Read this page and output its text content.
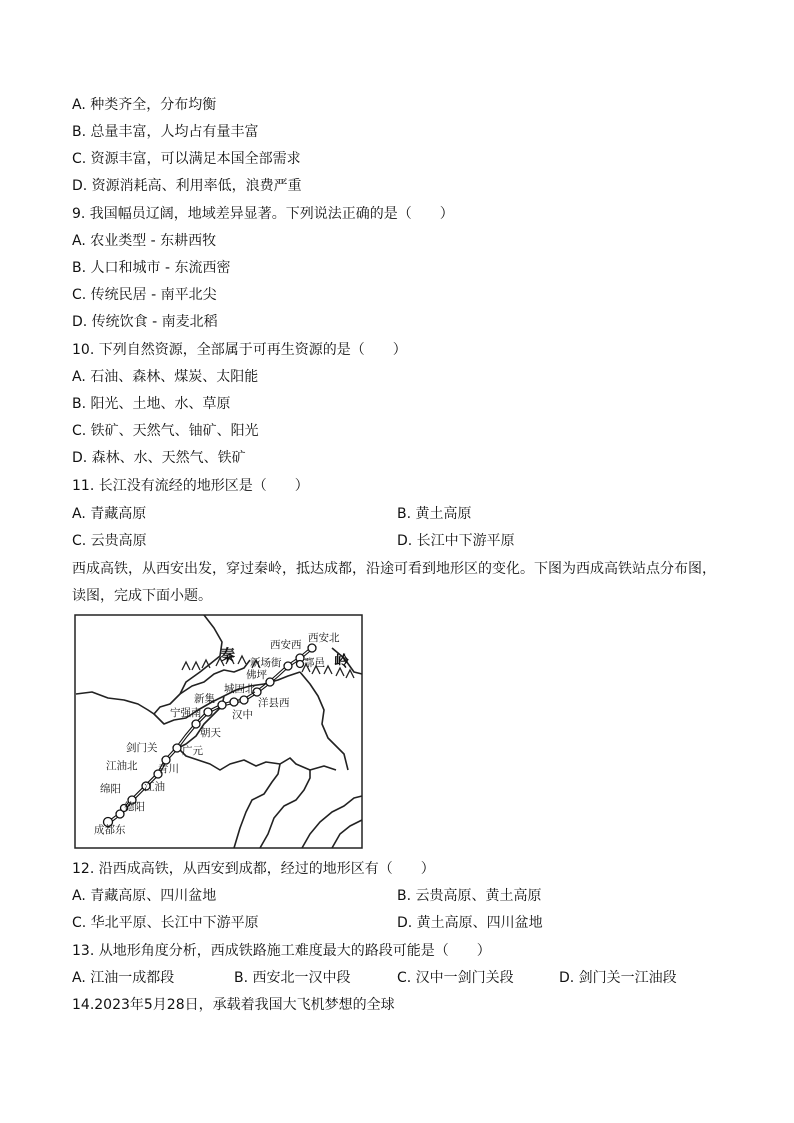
A. 种类齐全，分布均衡
B. 总量丰富，人均占有量丰富
C. 资源丰富，可以满足本国全部需求
D. 资源消耗高、利用率低，浪费严重
9. 我国幅员辽阔，地域差异显著。下列说法正确的是（　　）
A. 农业类型 - 东耕西牧
B. 人口和城市 - 东流西密
C. 传统民居 - 南平北尖
D. 传统饮食 - 南麦北稻
10. 下列自然资源，全部属于可再生资源的是（　　）
A. 石油、森林、煤炭、太阳能
B. 阳光、土地、水、草原
C. 铁矿、天然气、铀矿、阳光
D. 森林、水、天然气、铁矿
11. 长江没有流经的地形区是（　　）
A. 青藏高原	B. 黄土高原
C. 云贵高原	D. 长江中下游平原
西成高铁，从西安出发，穿过秦岭，抵达成都，沿途可看到地形区的变化。下图为西成高铁站点分布图，
读图，完成下面小题。
秦	岭
西安西
西安北
新场街 鄠邑
佛坪
城固北
洋县西
新集
汉中
宁强南
朝天
剑门关 广元
江油北 青川
江油
绵阳
德阳
成都东
12. 沿西成高铁，从西安到成都，经过的地形区有（　　）
A. 青藏高原、四川盆地	B. 云贵高原、黄土高原
C. 华北平原、长江中下游平原	D. 黄土高原、四川盆地
13. 从地形角度分析，西成铁路施工难度最大的路段可能是（　　）
A. 江油一成都段	B. 西安北一汉中段	C. 汉中一剑门关段	D. 剑门关一江油段
14.2023年5月28日，承载着我国大飞机梦想的全球
